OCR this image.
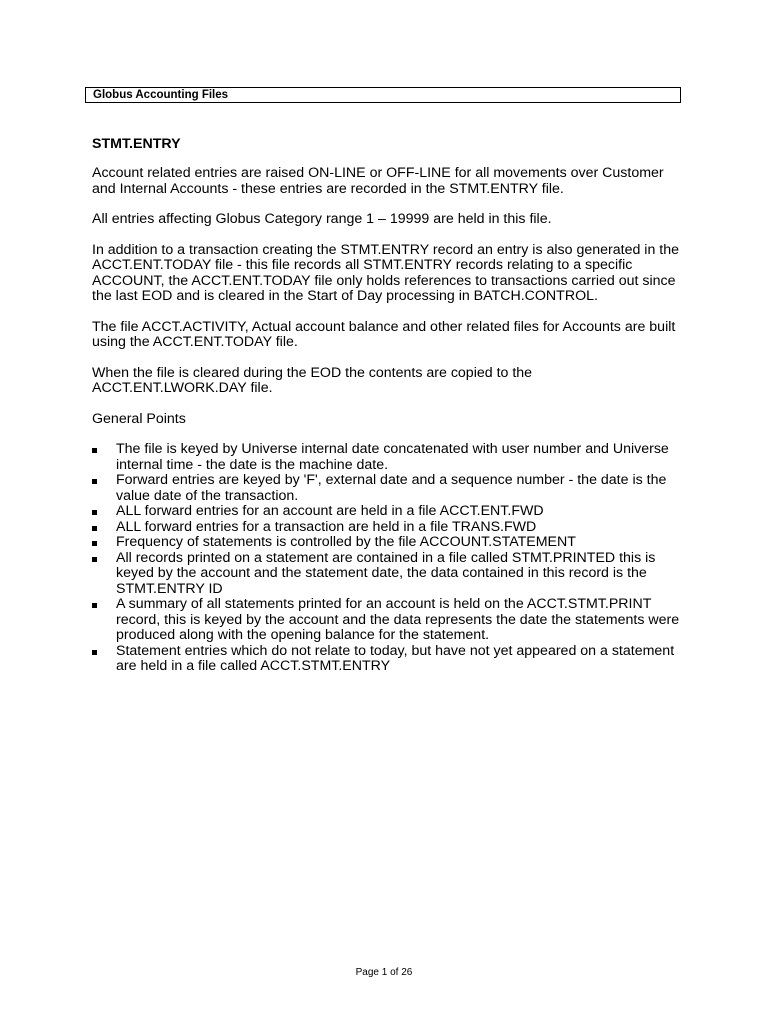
Globus Accounting Files
STMT.ENTRY

Account related entries are raised ON-LINE or OFF-LINE for all movements over Customer and Internal Accounts - these entries are recorded in the STMT.ENTRY file.

All entries affecting Globus Category range 1 – 19999 are held in this file.

In addition to a transaction creating the STMT.ENTRY record an entry is also generated in the ACCT.ENT.TODAY file - this file records all STMT.ENTRY records relating to a specific ACCOUNT, the ACCT.ENT.TODAY file only holds references to transactions carried out since the last EOD and is cleared in the Start of Day processing in BATCH.CONTROL.

The file ACCT.ACTIVITY, Actual account balance and other related files for Accounts are built using the ACCT.ENT.TODAY file.

When the file is cleared during the EOD the contents are copied to the ACCT.ENT.LWORK.DAY file.

General Points

The file is keyed by Universe internal date concatenated with user number and Universe internal time - the date is the machine date.
Forward entries are keyed by 'F', external date and a sequence number - the date is the value date of the transaction.
ALL forward entries for an account are held in a file ACCT.ENT.FWD
ALL forward entries for a transaction are held in a file TRANS.FWD
Frequency of statements is controlled by the file ACCOUNT.STATEMENT
All records printed on a statement are contained in a file called STMT.PRINTED this is keyed by the account and the statement date, the data contained in this record is the STMT.ENTRY ID
A summary of all statements printed for an account is held on the ACCT.STMT.PRINT record, this is keyed by the account and the data represents the date the statements were produced along with the opening balance for the statement.
Statement entries which do not relate to today, but have not yet appeared on a statement are held in a file called ACCT.STMT.ENTRY
Page 1 of 26
